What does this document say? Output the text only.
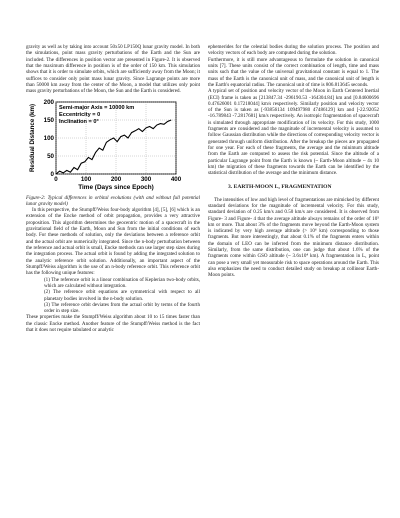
gravity as well as by taking into account 50x50 LP150Q lunar gravity model. In both the simulations, point mass gravity perturbations of the Earth and the Sun are included. The differences in position vector are presented in Figure-2. It is observed that the maximum difference in position is of the order of 150 km. This simulation shows that it is order to simulate orbits, which are sufficiently away from the Moon; it suffices to consider only point mass lunar gravity. Since Lagrange points are more than 50000 km away from the center of the Moon, a model that utilizes only point mass gravity perturbations of the Moon, the Sun and the Earth is considered.

0	100	200	300	400
0
50
100
150
200
Time (Days since Epoch)
Residual Distance (km)	Semi-major Axis = 10000 km
Eccentricity = 0
Inclination = 0°

Figure-2: Typical differences in orbital evolutions (with and without full potential lunar gravity model)

In this perspective, the Stumpff/Weiss four-body algorithm [4], [5], [6] which is an extension of the Encke method of orbit propagation, provides a very attractive proposition. This algorithm determines the geocentric motion of a spacecraft in the gravitational field of the Earth, Moon and Sun from the initial conditions of each body. For these methods of solution, only the deviations between a reference orbit and the actual orbit are numerically integrated. Since the n-body perturbation between the reference and actual orbit is small, Encke methods can use larger step sizes during the integration process. The actual orbit is found by adding the integrated solution to the analytic reference orbit solution. Additionally, an important aspect of the Stumpff/Weiss algorithm is the use of an n-body reference orbit. This reference orbit has the following unique features:

(1) The reference orbit is a linear combination of Keplerian two-body orbits, which are calculated without integration.
(2) The reference orbit equations are symmetrical with respect to all planetary bodies involved in the n-body solution.
(3) The reference orbit deviates from the actual orbit by terms of the fourth order in step size.

These properties make the Stumpff/Weiss algorithm about 10 to 15 times faster than the classic Encke method. Another feature of the Stumpff/Weiss method is the fact that it does not require tabulated or analytic

ephemerides for the celestial bodies during the solution process. The position and velocity vectors of each body are computed during the solution.

Furthermore, it is still more advantageous to formulate the solution in canonical units [7]. These units consist of the correct combination of length, time and mass units such that the value of the universal gravitational constant is equal to 1. The mass of the Earth is the canonical unit of mass, and the canonical unit of length is the Earth's equatorial radius. The canonical unit of time is 806.813645 seconds.

A typical set of position and velocity vector of the Moon in Earth Centered Inertial (ECI) frame is taken as [213847.34 -296190.53 -164304.84] km and [0.84600696 0.47626001 0.17218044] km/s respectively. Similarly position and velocity vector of the Sun is taken as [-93856134 109497980 47486129] km and [-22.92052 -16.789843 -7.2817681] km/s respectively. An isotropic fragmentation of spacecraft is simulated through appropriate modification of its velocity. For this study, 1000 fragments are considered and the magnitude of incremental velocity is assumed to follow Gaussian distribution while the directions of corresponding velocity vector is generated through uniform distribution. After the breakup the pieces are propagated for one year. For each of these fragments, the average and the minimum altitude from the Earth are computed to assess the risk potential. Since the altitude of a particular Lagrange point from the Earth is known (~ Earth-Moon altitude ~ 4x 10 km) the migration of these fragments towards the Earth can be identified by the statistical distribution of the average and the minimum distance.

3. EARTH-MOON L₁ FRAGMENTATION

The intensities of low and high level of fragmentations are mimicked by different standard deviations for the magnitude of incremental velocity. For this study, standard deviation of 0.25 km/s and 0.50 km/s are considered. It is observed from Figure- 3 and Figure- 4 that the average altitude always remains of the order of 10⁵ km or more. That about 3% of the fragments move beyond the Earth-Moon system is indicated by very high average altitude (> 10⁶ km) corresponding to those fragments. But more interestingly, that about 0.1% of the fragments enters within the domain of LEO can be inferred from the minimum distance distribution. Similarly, from the same distribution, one can judge that about 1.6% of the fragments come within GSO altitude (~ 3.6x10⁴ km). A fragmentation in L₁ point can pose a very small yet measurable risk to space operations around the Earth. This also emphasizes the need to conduct detailed study on breakup at collinear Earth-Moon points.
